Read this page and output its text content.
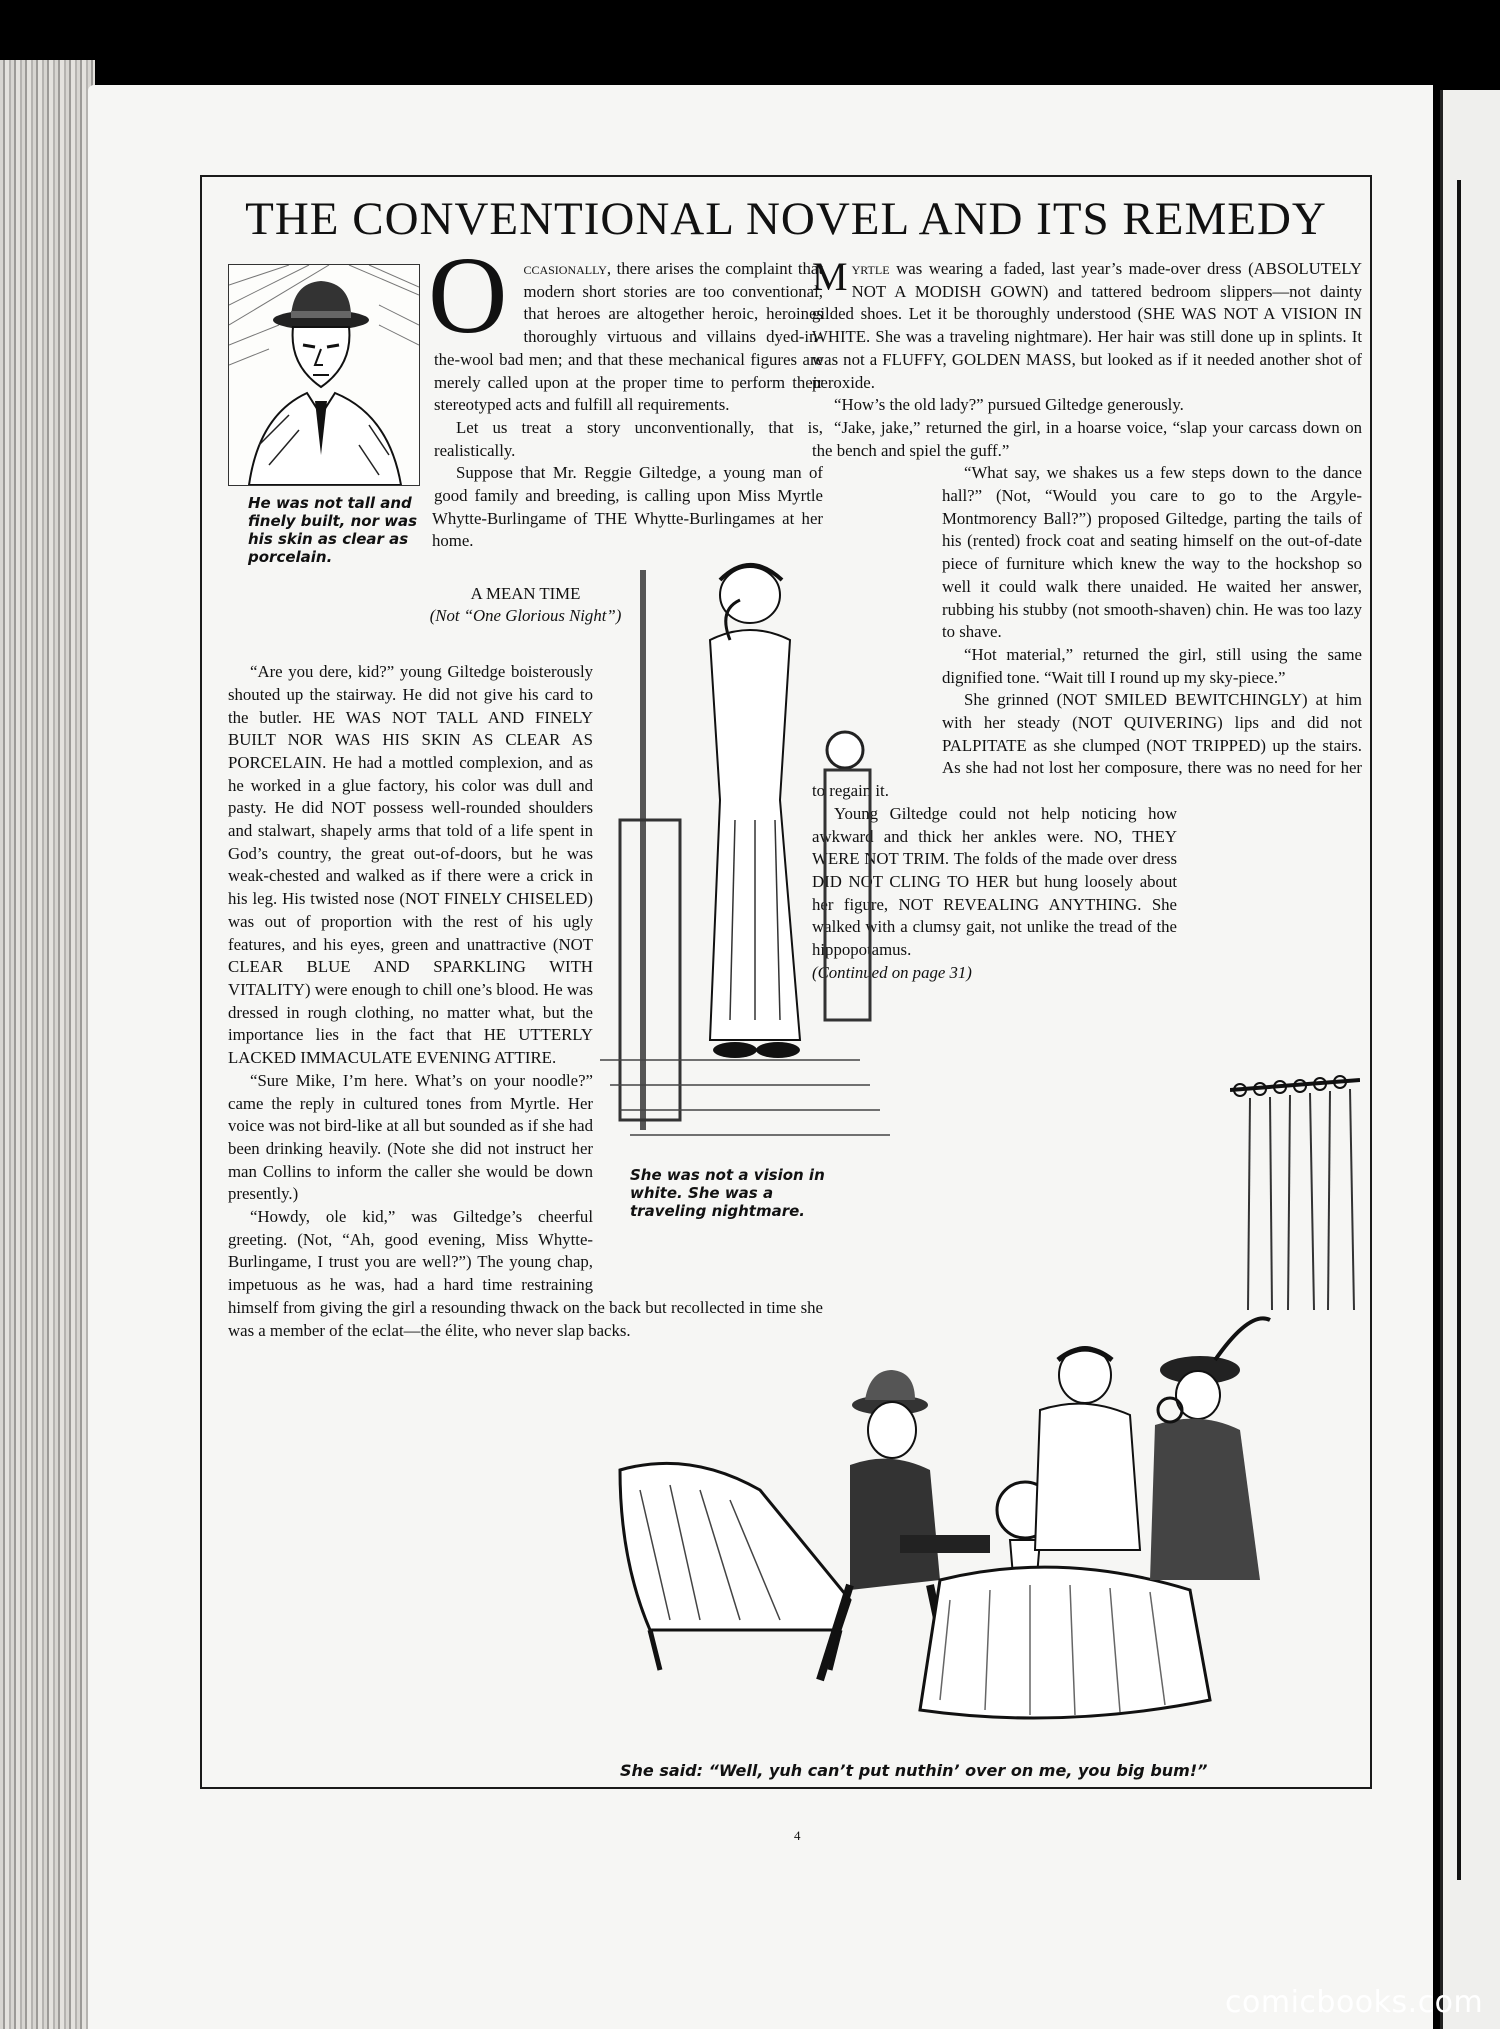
THE CONVENTIONAL NOVEL AND ITS REMEDY

Occasionally, there arises the complaint that modern short stories are too conventional, that heroes are altogether heroic, heroines thoroughly virtuous and villains dyed-in-the-wool bad men; and that these mechanical figures are merely called upon at the proper time to perform their stereotyped acts and fulfill all requirements.

He was not tall and finely built, nor was his skin as clear as porcelain.

Let us treat a story unconventionally, that is, realistically.

Suppose that Mr. Reggie Giltedge, a young man of good family and breeding, is calling upon Miss Myrtle Whytte-Burlingame of THE Whytte-Burlingames at her home.

A MEAN TIME
(Not “One Glorious Night”)

“Are you dere, kid?” young Giltedge boisterously shouted up the stairway. He did not give his card to the butler. HE WAS NOT TALL AND FINELY BUILT NOR WAS HIS SKIN AS CLEAR AS PORCELAIN. He had a mottled complexion, and as he worked in a glue factory, his color was dull and pasty. He did NOT possess well-rounded shoulders and stalwart, shapely arms that told of a life spent in God’s country, the great out-of-doors, but he was weak-chested and walked as if there were a crick in his leg. His twisted nose (NOT FINELY CHISELED) was out of proportion with the rest of his ugly features, and his eyes, green and unattractive (NOT CLEAR BLUE AND SPARKLING WITH VITALITY) were enough to chill one’s blood. He was dressed in rough clothing, no matter what, but the importance lies in the fact that HE UTTERLY LACKED IMMACULATE EVENING ATTIRE.

“Sure Mike, I’m here. What’s on your noodle?” came the reply in cultured tones from Myrtle. Her voice was not bird-like at all but sounded as if she had been drinking heavily. (Note she did not instruct her man Collins to inform the caller she would be down presently.)

“Howdy, ole kid,” was Giltedge’s cheerful greeting. (Not, “Ah, good evening, Miss Whytte-Burlingame, I trust you are well?”) The young chap, impetuous as he was, had a hard time restraining himself from giving the girl a resounding thwack on the back but recollected in time she was a member of the eclat—the élite, who never slap backs.

Myrtle was wearing a faded, last year’s made-over dress (ABSOLUTELY NOT A MODISH GOWN) and tattered bedroom slippers—not dainty gilded shoes. Let it be thoroughly understood (SHE WAS NOT A VISION IN WHITE. She was a traveling nightmare). Her hair was still done up in splints. It was not a FLUFFY, GOLDEN MASS, but looked as if it needed another shot of peroxide.

“How’s the old lady?” pursued Giltedge generously.

“Jake, jake,” returned the girl, in a hoarse voice, “slap your carcass down on the bench and spiel the guff.”

“What say, we shakes us a few steps down to the dance hall?” (Not, “Would you care to go to the Argyle-Montmorency Ball?”) proposed Giltedge, parting the tails of his (rented) frock coat and seating himself on the out-of-date piece of furniture which knew the way to the hockshop so well it could walk there unaided. He waited her answer, rubbing his stubby (not smooth-shaven) chin. He was too lazy to shave.

“Hot material,” returned the girl, still using the same dignified tone. “Wait till I round up my sky-piece.”

She grinned (NOT SMILED BEWITCHINGLY) at him with her steady (NOT QUIVERING) lips and did not PALPITATE as she clumped (NOT TRIPPED) up the stairs. As she had not lost her composure, there was no need for her to regain it.

Young Giltedge could not help noticing how awkward and thick her ankles were. NO, THEY WERE NOT TRIM. The folds of the made over dress DID NOT CLING TO HER but hung loosely about her figure, NOT REVEALING ANYTHING. She walked with a clumsy gait, not unlike the tread of the hippopotamus.

(Continued on page 31)

She was not a vision in white. She was a traveling nightmare.
She said: “Well, yuh can’t put nuthin’ over on me, you big bum!”
4
comicbooks.com
